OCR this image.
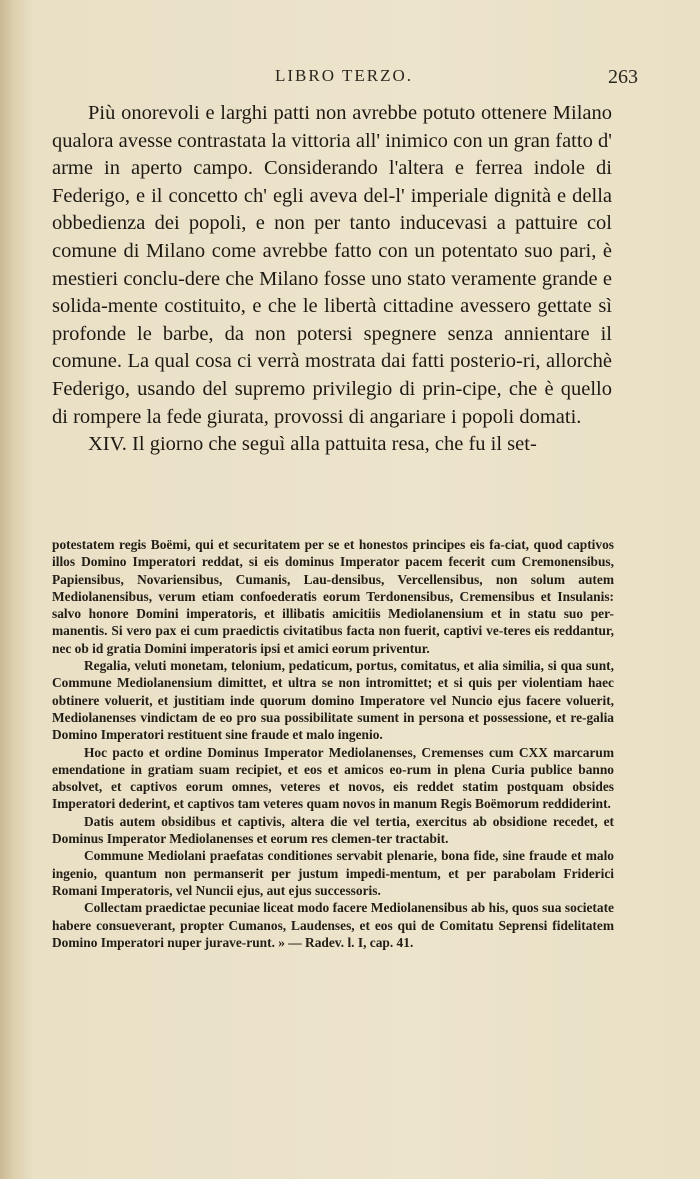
LIBRO TERZO.	263

Più onorevoli e larghi patti non avrebbe potuto ottenere Milano qualora avesse contrastata la vittoria all' inimico con un gran fatto d' arme in aperto campo. Considerando l'altera e ferrea indole di Federigo, e il concetto ch' egli aveva del-l' imperiale dignità e della obbedienza dei popoli, e non per tanto inducevasi a pattuire col comune di Milano come avrebbe fatto con un potentato suo pari, è mestieri conclu-dere che Milano fosse uno stato veramente grande e solida-mente costituito, e che le libertà cittadine avessero gettate sì profonde le barbe, da non potersi spegnere senza annientare il comune. La qual cosa ci verrà mostrata dai fatti posterio-ri, allorchè Federigo, usando del supremo privilegio di prin-cipe, che è quello di rompere la fede giurata, provossi di angariare i popoli domati.

XIV. Il giorno che seguì alla pattuita resa, che fu il set-

potestatem regis Boëmi, qui et securitatem per se et honestos principes eis fa-ciat, quod captivos illos Domino Imperatori reddat, si eis dominus Imperator pacem fecerit cum Cremonensibus, Papiensibus, Novariensibus, Cumanis, Lau-densibus, Vercellensibus, non solum autem Mediolanensibus, verum etiam confoederatis eorum Terdonensibus, Cremensibus et Insulanis: salvo honore Domini imperatoris, et illibatis amicitiis Mediolanensium et in statu suo per-manentis. Si vero pax ei cum praedictis civitatibus facta non fuerit, captivi ve-teres eis reddantur, nec ob id gratia Domini imperatoris ipsi et amici eorum priventur.

Regalia, veluti monetam, telonium, pedaticum, portus, comitatus, et alia similia, si qua sunt, Commune Mediolanensium dimittet, et ultra se non intromittet; et si quis per violentiam haec obtinere voluerit, et justitiam inde quorum domino Imperatore vel Nuncio ejus facere voluerit, Mediolanenses vindictam de eo pro sua possibilitate sument in persona et possessione, et re-galia Domino Imperatori restituent sine fraude et malo ingenio.

Hoc pacto et ordine Dominus Imperator Mediolanenses, Cremenses cum CXX marcarum emendatione in gratiam suam recipiet, et eos et amicos eo-rum in plena Curia publice banno absolvet, et captivos eorum omnes, veteres et novos, eis reddet statim postquam obsides Imperatori dederint, et captivos tam veteres quam novos in manum Regis Boëmorum reddiderint.

Datis autem obsidibus et captivis, altera die vel tertia, exercitus ab obsidione recedet, et Dominus Imperator Mediolanenses et eorum res clemen-ter tractabit.

Commune Mediolani praefatas conditiones servabit plenarie, bona fide, sine fraude et malo ingenio, quantum non permanserit per justum impedi-mentum, et per parabolam Friderici Romani Imperatoris, vel Nuncii ejus, aut ejus successoris.

Collectam praedictae pecuniae liceat modo facere Mediolanensibus ab his, quos sua societate habere consueverant, propter Cumanos, Laudenses, et eos qui de Comitatu Seprensi fidelitatem Domino Imperatori nuper jurave-runt. » — Radev. l. I, cap. 41.
